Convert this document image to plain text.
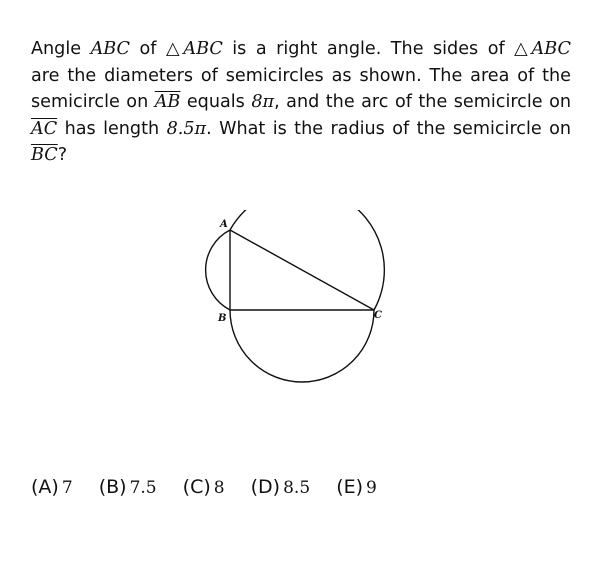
Angle ABC of △ABC is a right angle. The sides of △ABC
are the diameters of semicircles as shown. The area of the
semicircle on $\overline{AB}$ equals 8π, and the arc of the semicircle on
$\overline{AC}$ has length 8.5π. What is the radius of the semicircle on
$\overline{BC}$?
A
B	C
(A) 7 (B) 7.5 (C) 8 (D) 8.5 (E) 9
